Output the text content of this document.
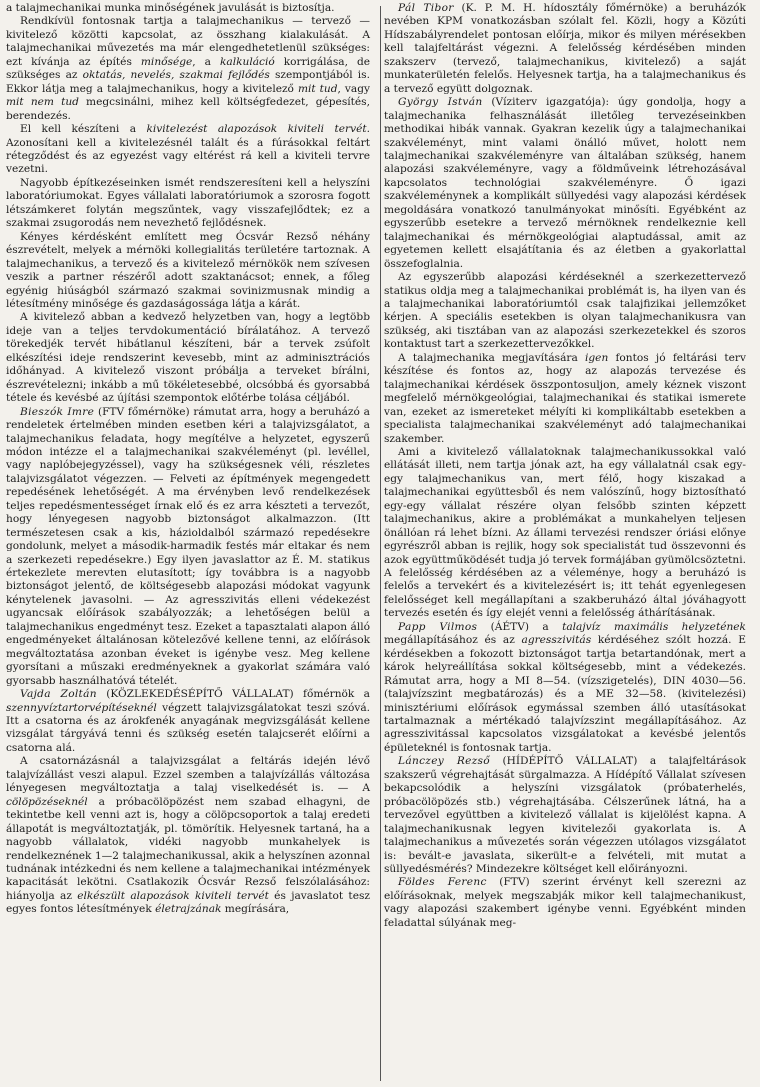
a talajmechanikai munka minőségének javulását is biztosítja.

Rendkívül fontosnak tartja a talajmechanikus — tervező — kivitelező közötti kapcsolat, az összhang kialakulását. A talajmechanikai művezetés ma már elengedhetetlenül szükséges: ezt kívánja az építés minősége, a kalkuláció korrigálása, de szükséges az oktatás, nevelés, szakmai fejlődés szempontjából is. Ekkor látja meg a talajmechanikus, hogy a kivitelező mit tud, vagy mit nem tud megcsinálni, mihez kell költségfedezet, gépesítés, berendezés.

El kell készíteni a kivitelezést alapozások kiviteli tervét. Azonosítani kell a kivitelezésnél talált és a fúrásokkal feltárt rétegződést és az egyezést vagy eltérést rá kell a kiviteli tervre vezetni.

Nagyobb építkezéseinken ismét rendszeresíteni kell a helyszíni laboratóriumokat. Egyes vállalati laboratóriumok a szorosra fogott létszámkeret folytán megszűntek, vagy visszafejlődtek; ez a szakmai zsugorodás nem nevezhető fejlődésnek.

Kényes kérdésként említett meg Ócsvár Rezső néhány észrevételt, melyek a mérnöki kollegialitás területére tartoznak. A talajmechanikus, a tervező és a kivitelező mérnökök nem szívesen veszik a partner részéről adott szaktanácsot; ennek, a főleg egyénig hiúságból származó szakmai sovinizmusnak mindig a létesítmény minősége és gazdaságossága látja a kárát.

A kivitelező abban a kedvező helyzetben van, hogy a legtöbb ideje van a teljes tervdokumentáció bírálatához. A tervező törekedjék tervét hibátlanul készíteni, bár a tervek zsúfolt elkészítési ideje rendszerint kevesebb, mint az adminisztrációs időhányad. A kivitelező viszont próbálja a terveket bírálni, észrevételezni; inkább a mű tökéletesebbé, olcsóbbá és gyorsabbá tétele és kevésbé az újítási szempontok előtérbe tolása céljából.

Bieszók Imre (FTV főmérnöke) rámutat arra, hogy a beruházó a rendeletek értelmében minden esetben kéri a talajvizsgálatot, a talajmechanikus feladata, hogy megítélve a helyzetet, egyszerű módon intézze el a talajmechanikai szakvéleményt (pl. levéllel, vagy naplóbejegyzéssel), vagy ha szükségesnek véli, részletes talajvizsgálatot végezzen. — Felveti az építmények megengedett repedésének lehetőségét. A ma érvényben levő rendelkezések teljes repedésmentességet írnak elő és ez arra készteti a tervezőt, hogy lényegesen nagyobb biztonságot alkalmazzon. (Itt természetesen csak a kis, házioldalból származó repedésekre gondolunk, melyet a második-harmadik festés már eltakar és nem a szerkezeti repedésekre.) Egy ilyen javaslattor az É. M. statikus értekezlete merevten elutasított; így továbbra is a nagyobb biztonságot jelentő, de költségesebb alapozási módokat vagyunk kénytelenek javasolni. — Az agresszivitás elleni védekezést ugyancsak előírások szabályozzák; a lehetőségen belül a talajmechanikus engedményt tesz. Ezeket a tapasztalati alapon álló engedményeket általánosan kötelezővé kellene tenni, az előírások megváltoztatása azonban éveket is igénybe vesz. Meg kellene gyorsítani a műszaki eredményeknek a gyakorlat számára való gyorsabb használhatóvá tételét.

Vajda Zoltán (KÖZLEKEDÉSÉPÍTŐ VÁLLALAT) főmérnök a szennyvíztartorvépítéseknél végzett talajvizsgálatokat teszi szóvá. Itt a csatorna és az árokfenék anyagának megvizsgálását kellene vizsgálat tárgyává tenni és szükség esetén talajcserét előírni a csatorna alá.

A csatornázásnál a talajvizsgálat a feltárás idején lévő talajvízállást veszi alapul. Ezzel szemben a talajvízállás változása lényegesen megváltoztatja a talaj viselkedését is. — A cölöpözéseknél a próbacölöpözést nem szabad elhagyni, de tekintetbe kell venni azt is, hogy a cölöpcsoportok a talaj eredeti állapotát is megváltoztatják, pl. tömörítik. Helyesnek tartaná, ha a nagyobb vállalatok, vidéki nagyobb munkahelyek is rendelkeznének 1—2 talajmechanikussal, akik a helyszínen azonnal tudnának intézkedni és nem kellene a talajmechanikai intézmények kapacitását lekötni. Csatlakozik Ócsvár Rezső felszólalásához: hiányolja az elkészült alapozások kiviteli tervét és javaslatot tesz egyes fontos létesítmények életrajzának megírására,

Pál Tibor (K. P. M. H. hídosztály főmérnöke) a beruházók nevében KPM vonatkozásban szólalt fel. Közli, hogy a Közúti Hídszabályrendelet pontosan előírja, mikor és milyen mérésekben kell talajfeltárást végezni. A felelősség kérdésében minden szakszerv (tervező, talajmechanikus, kivitelező) a saját munkaterületén felelős. Helyesnek tartja, ha a talajmechanikus és a tervező együtt dolgoznak.

György István (Víziterv igazgatója): úgy gondolja, hogy a talajmechanika felhasználását illetőleg tervezéseinkben methodikai hibák vannak. Gyakran kezelik úgy a talajmechanikai szakvéleményt, mint valami önálló művet, holott nem talajmechanikai szakvéleményre van általában szükség, hanem alapozási szakvéleményre, vagy a földműveink létrehozásával kapcsolatos technológiai szakvéleményre. Ő igazi szakvéleménynek a komplikált süllyedési vagy alapozási kérdések megoldására vonatkozó tanulmányokat minősíti. Egyébként az egyszerűbb esetekre a tervező mérnöknek rendelkeznie kell talajmechanikai és mérnökgeológiai alaptudással, amit az egyetemen kellett elsajátítania és az életben a gyakorlattal összefoglalnia.

Az egyszerűbb alapozási kérdéseknél a szerkezettervező statikus oldja meg a talajmechanikai problémát is, ha ilyen van és a talajmechanikai laboratóriumtól csak talajfizikai jellemzőket kérjen. A speciális esetekben is olyan talajmechanikusra van szükség, aki tisztában van az alapozási szerkezetekkel és szoros kontaktust tart a szerkezettervezőkkel.

A talajmechanika megjavítására igen fontos jó feltárási terv készítése és fontos az, hogy az alapozás tervezése és talajmechanikai kérdések összpontosuljon, amely kéznek viszont megfelelő mérnökgeológiai, talajmechanikai és statikai ismerete van, ezeket az ismereteket mélyíti ki komplikáltabb esetekben a specialista talajmechanikai szakvéleményt adó talajmechanikai szakember.

Ami a kivitelező vállalatoknak talajmechanikussokkal való ellátását illeti, nem tartja jónak azt, ha egy vállalatnál csak egy-egy talajmechanikus van, mert félő, hogy kiszakad a talajmechanikai együttesből és nem valószínű, hogy biztosítható egy-egy vállalat részére olyan felsőbb szinten képzett talajmechanikus, akire a problémákat a munkahelyen teljesen önállóan rá lehet bízni. Az állami tervezési rendszer óriási előnye egyrészről abban is rejlik, hogy sok specialistát tud összevonni és azok együttműködését tudja jó tervek formájában gyümölcsöztetni. A felelősség kérdésében az a véleménye, hogy a beruházó is felelős a tervekért és a kivitelezésért is; itt tehát egyenlegesen felelősséget kell megállapítani a szakberuházó által jóváhagyott tervezés esetén és így elejét venni a felelősség áthárításának.

Papp Vilmos (ÁÉTV) a talajvíz maximális helyzetének megállapításához és az agresszivitás kérdéséhez szólt hozzá. E kérdésekben a fokozott biztonságot tartja betartandónak, mert a károk helyreállítása sokkal költségesebb, mint a védekezés. Rámutat arra, hogy a MI 8—54. (vízszigetelés), DIN 4030—56. (talajvízszint megbatározás) és a ME 32—58. (kivitelezési) minisztériumi előírások egymással szemben álló utasításokat tartalmaznak a mértékadó talajvízszint megállapításához. Az agresszivitással kapcsolatos vizsgálatokat a kevésbé jelentős épületeknél is fontosnak tartja.

Lánczey Rezső (HÍDÉPÍTŐ VÁLLALAT) a talajfeltárások szakszerű végrehajtását sürgalmazza. A Hídépítő Vállalat szívesen bekapcsolódik a helyszíni vizsgálatok (próbaterhelés, próbacölöpözés stb.) végrehajtásába. Célszerűnek látná, ha a tervezővel együttben a kivitelező vállalat is kijelölést kapna. A talajmechanikusnak legyen kivitelezői gyakorlata is. A talajmechanikus a művezetés során végezzen utólagos vizsgálatot is: bevált-e javaslata, sikerült-e a felvételi, mit mutat a süllyedésmérés? Mindezekre költséget kell előirányozni.

Földes Ferenc (FTV) szerint érvényt kell szerezni az előírásoknak, melyek megszabják mikor kell talajmechanikust, vagy alapozási szakembert igénybe venni. Egyébként minden feladattal súlyának meg-
